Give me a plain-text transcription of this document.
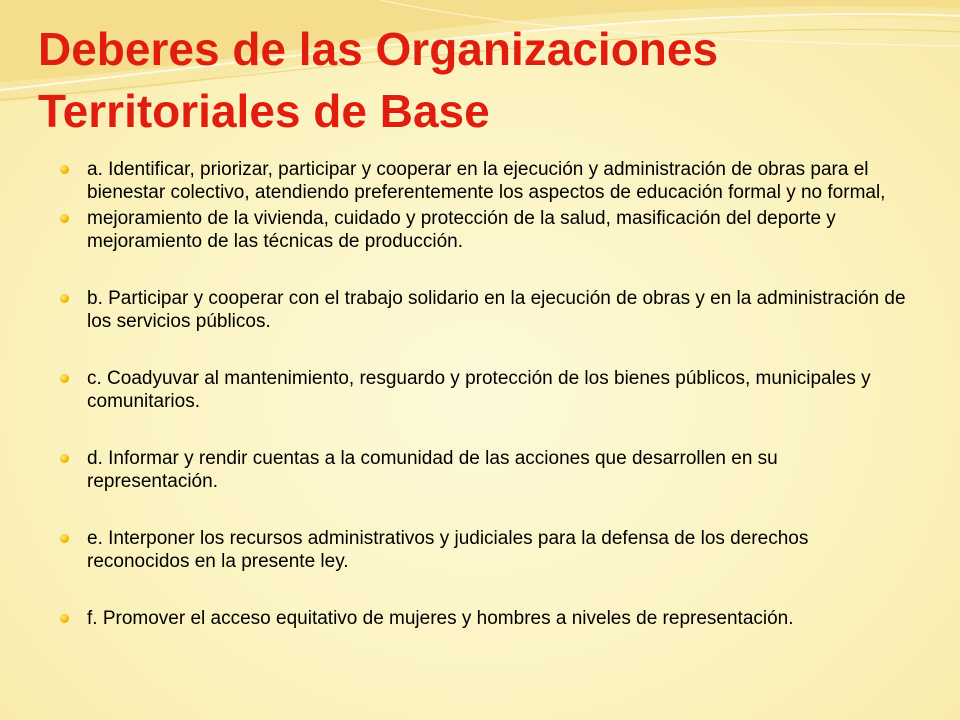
Deberes de las Organizaciones
Territoriales de Base
a. Identificar, priorizar, participar y cooperar en la ejecución y administración de obras para el bienestar colectivo, atendiendo preferentemente los aspectos de educación formal y no formal,
mejoramiento de la vivienda, cuidado y protección de la salud, masificación del deporte y mejoramiento de las técnicas de producción.
b. Participar y cooperar con el trabajo solidario en la ejecución de obras y en la administración de los servicios públicos.
c. Coadyuvar al mantenimiento, resguardo y protección de los bienes públicos, municipales y comunitarios.
d. Informar y rendir cuentas a la comunidad de las acciones que desarrollen en su representación.
e. Interponer los recursos administrativos y judiciales para la defensa de los derechos reconocidos en la presente ley.
f. Promover el acceso equitativo de mujeres y hombres a niveles de representación.
